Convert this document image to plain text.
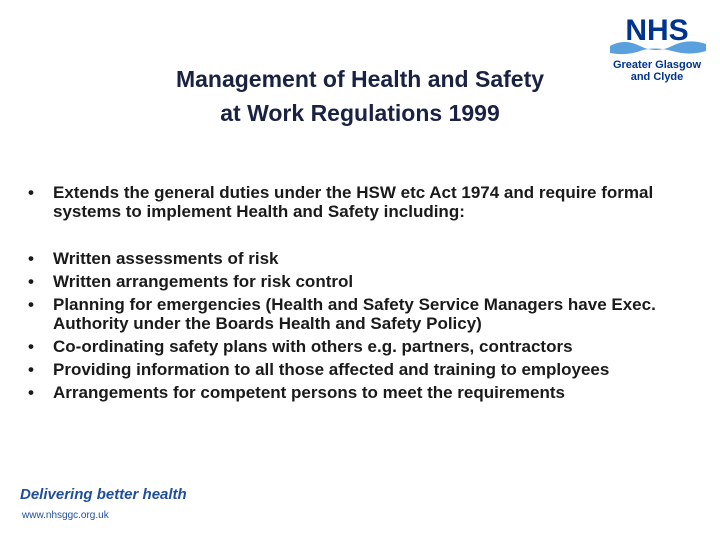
Management of Health and Safety
at Work Regulations 1999
NHS
Greater Glasgow
and Clyde
• Extends the general duties under the HSW etc Act 1974 and require formal systems to implement Health and Safety including:
• Written assessments of risk
• Written arrangements for risk control
• Planning for emergencies (Health and Safety Service Managers have Exec. Authority under the Boards Health and Safety Policy)
• Co-ordinating safety plans with others e.g. partners, contractors
• Providing information to all those affected and training to employees
• Arrangements for competent persons to meet the requirements
Delivering better health
www.nhsggc.org.uk
